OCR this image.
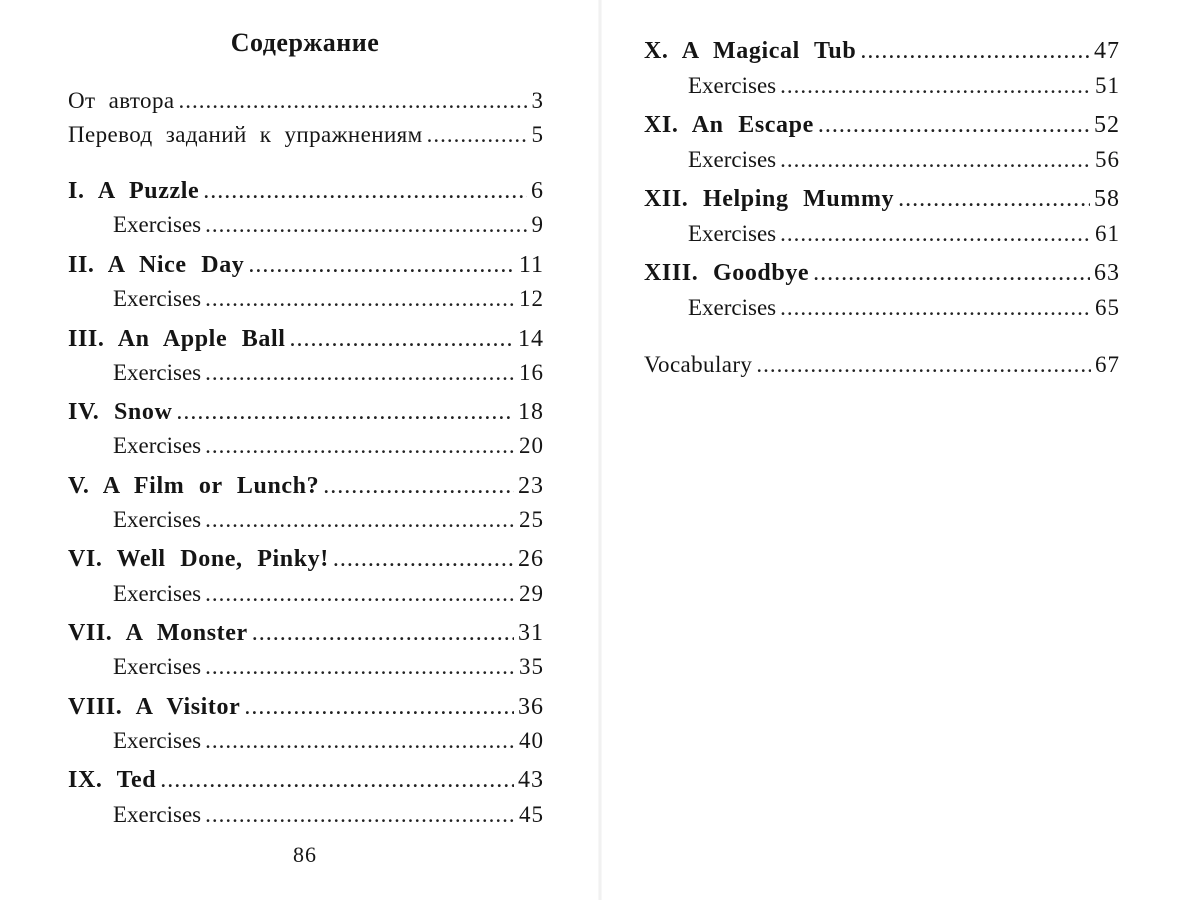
Содержание
От автора .....	3
Перевод заданий к упражнениям .....	5
I. A Puzzle .....	6
Exercises .....	9
II. A Nice Day .....	11
Exercises .....	12
III. An Apple Ball .....	14
Exercises .....	16
IV. Snow .....	18
Exercises .....	20
V. A Film or Lunch? .....	23
Exercises .....	25
VI. Well Done, Pinky! .....	26
Exercises .....	29
VII. A Monster .....	31
Exercises .....	35
VIII. A Visitor .....	36
Exercises .....	40
IX. Ted .....	43
Exercises .....	45
86
X. A Magical Tub .....	47
Exercises .....	51
XI. An Escape .....	52
Exercises .....	56
XII. Helping Mummy .....	58
Exercises .....	61
XIII. Goodbye .....	63
Exercises .....	65
Vocabulary .....	67
